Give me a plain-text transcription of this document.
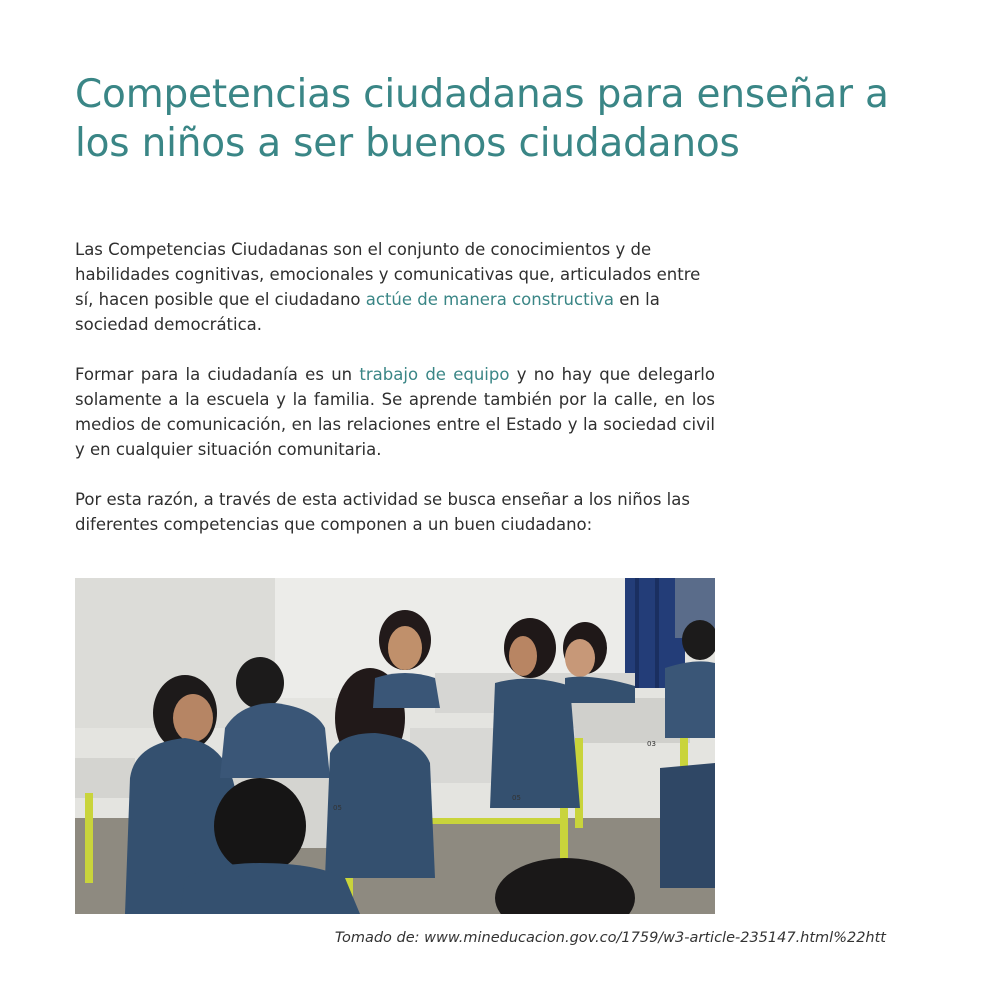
Competencias ciudadanas para enseñar a los niños a ser buenos ciudadanos

Las Competencias Ciudadanas son el conjunto de conocimientos y de habilidades cognitivas, emocionales y comunicativas que, articulados entre sí, hacen posible que el ciudadano actúe de manera constructiva en la sociedad democrática.

Formar para la ciudadanía es un trabajo de equipo y no hay que delegarlo solamente a la escuela y la familia. Se aprende también por la calle, en los medios de comunicación, en las relaciones entre el Estado y la sociedad civil y en cualquier situación comunitaria.

Por esta razón, a través de esta actividad se busca enseñar a los niños las diferentes competencias que componen a un buen ciudadano:

05
03
05
Tomado de: www.mineducacion.gov.co/1759/w3-article-235147.html%22htt
